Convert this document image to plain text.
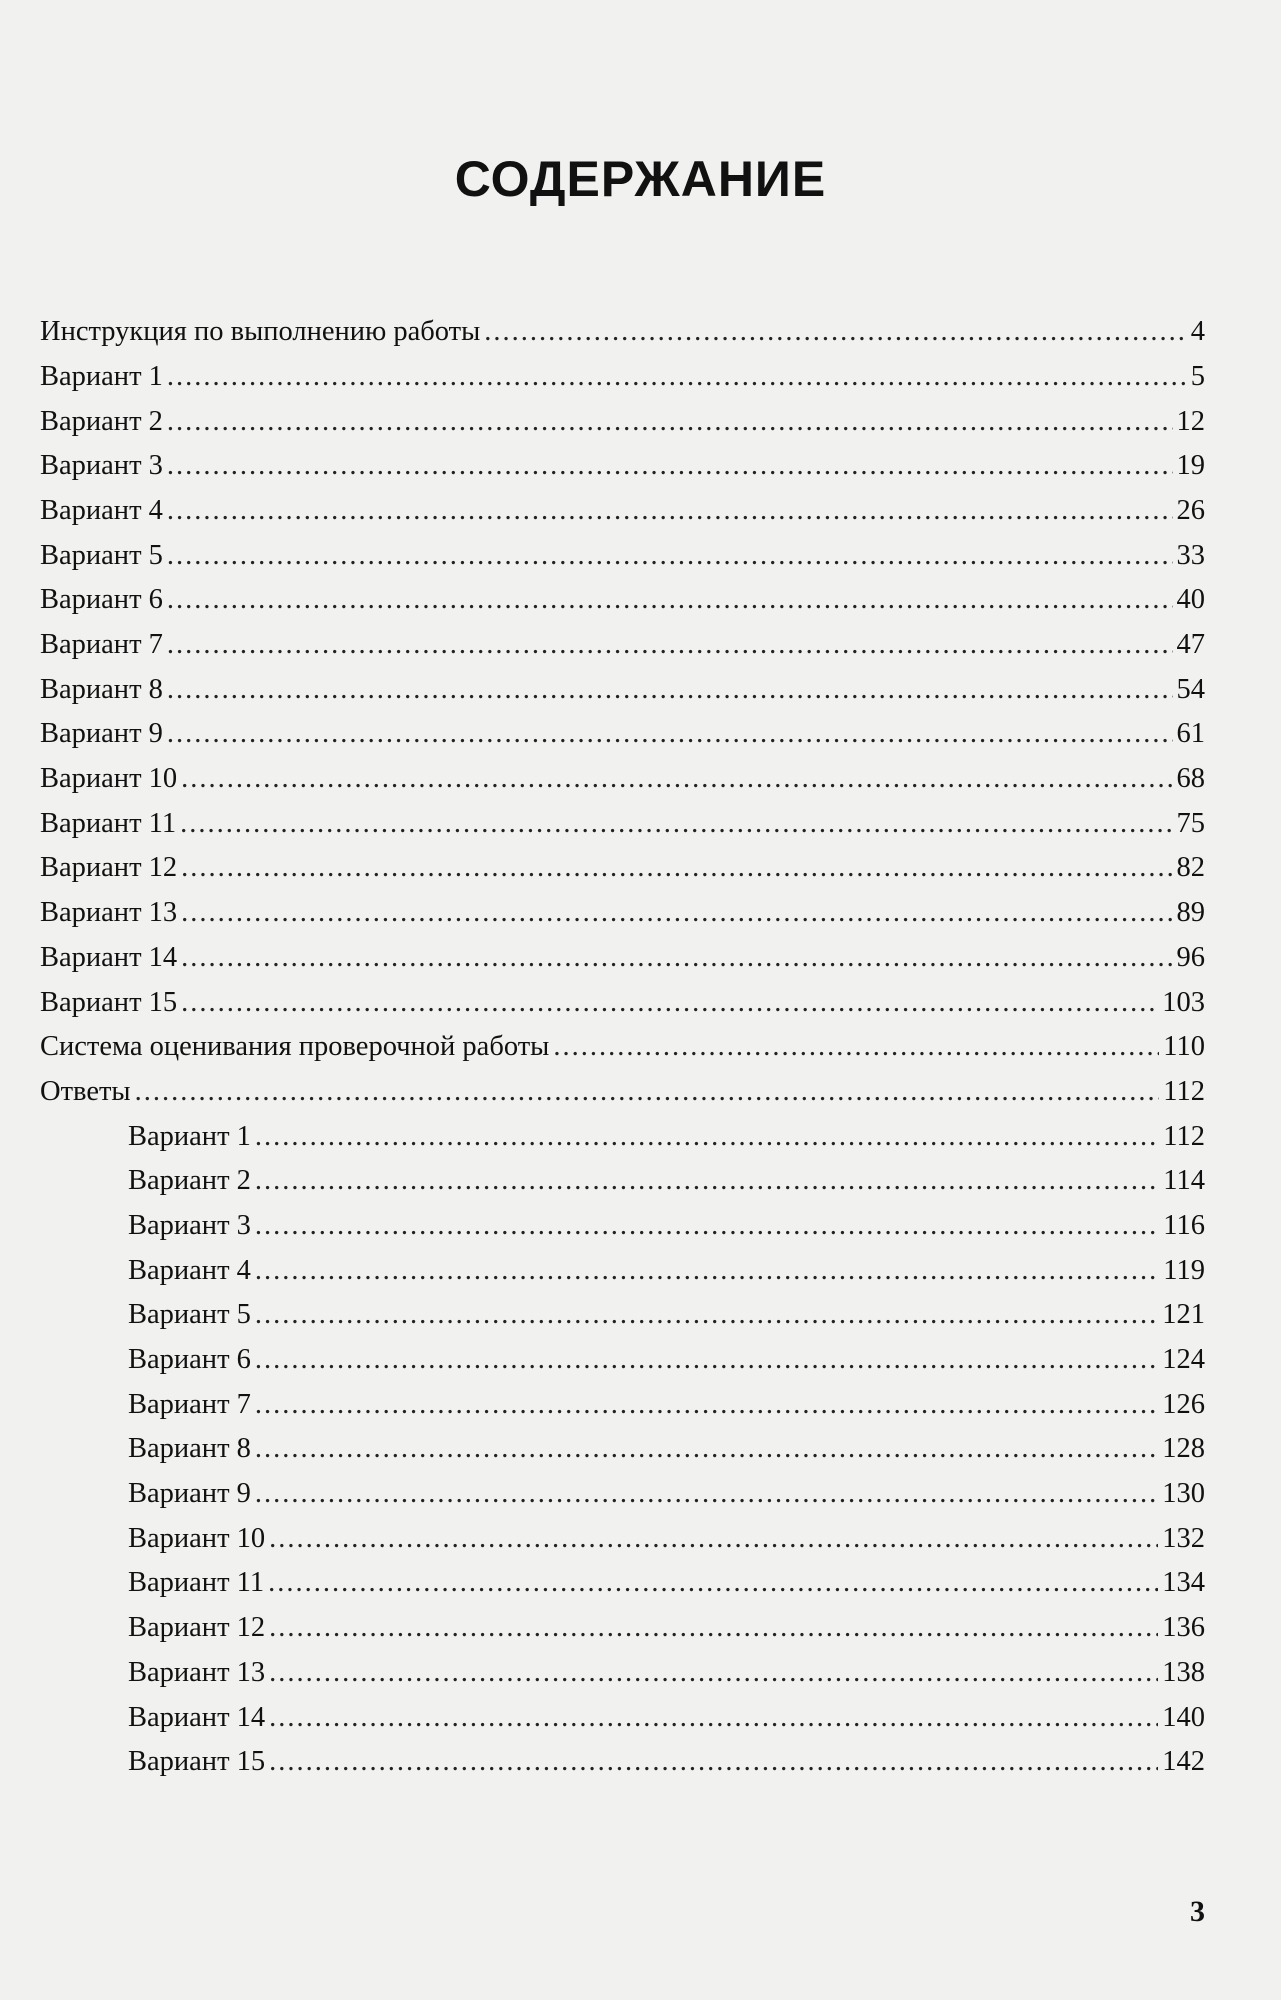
СОДЕРЖАНИЕ
Инструкция по выполнению работы .....	4
Вариант 1 .....	5
Вариант 2 .....	12
Вариант 3 .....	19
Вариант 4 .....	26
Вариант 5 .....	33
Вариант 6 .....	40
Вариант 7 .....	47
Вариант 8 .....	54
Вариант 9 .....	61
Вариант 10 .....	68
Вариант 11 .....	75
Вариант 12 .....	82
Вариант 13 .....	89
Вариант 14 .....	96
Вариант 15 .....	103
Система оценивания проверочной работы .....	110
Ответы .....	112
Вариант 1 .....	112
Вариант 2 .....	114
Вариант 3 .....	116
Вариант 4 .....	119
Вариант 5 .....	121
Вариант 6 .....	124
Вариант 7 .....	126
Вариант 8 .....	128
Вариант 9 .....	130
Вариант 10 .....	132
Вариант 11 .....	134
Вариант 12 .....	136
Вариант 13 .....	138
Вариант 14 .....	140
Вариант 15 .....	142
3
